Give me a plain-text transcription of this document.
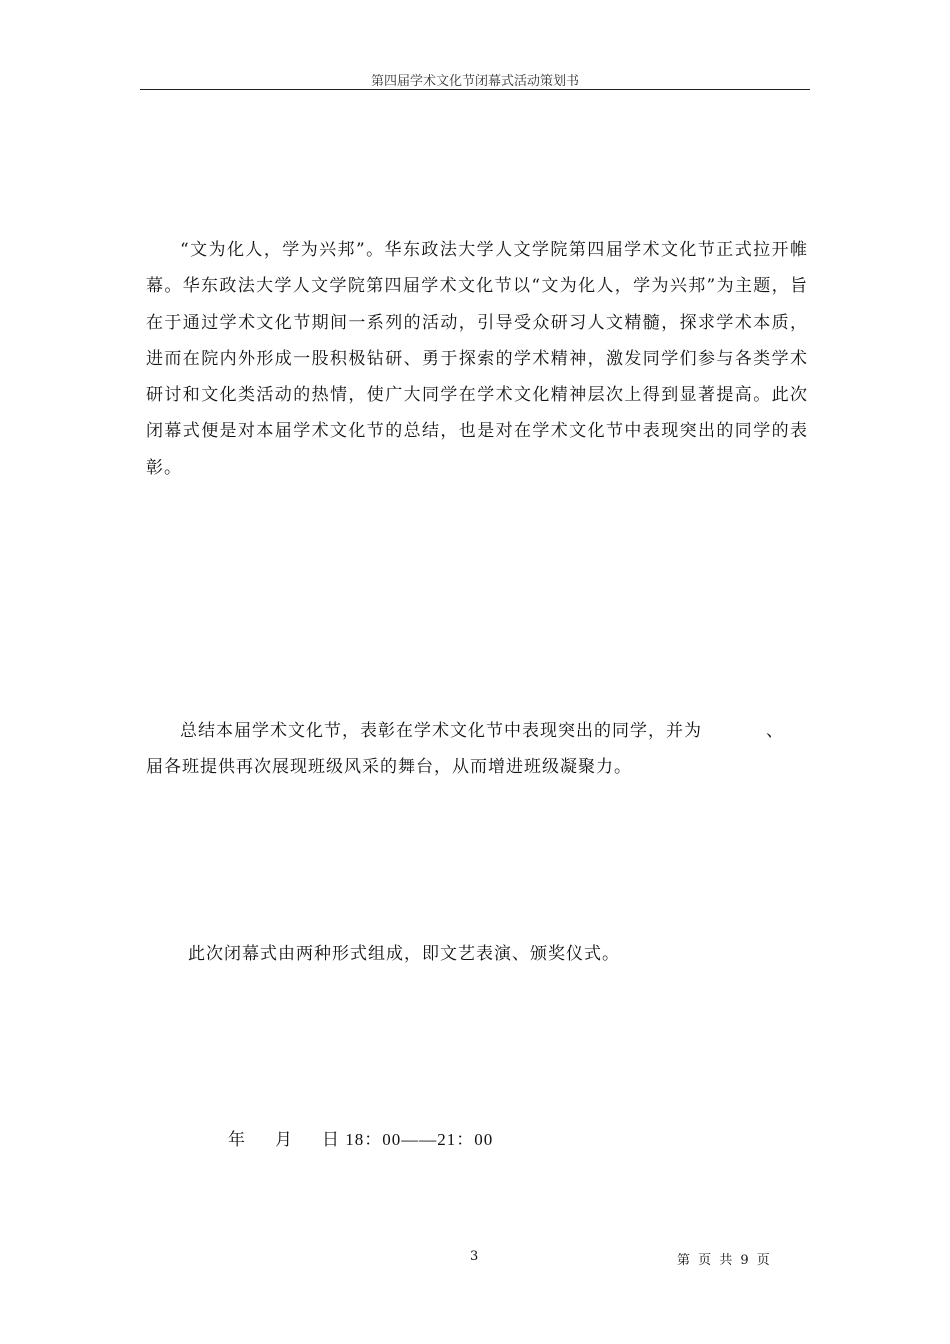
第四届学术文化节闭幕式活动策划书

“文为化人，学为兴邦”。华东政法大学人文学院第四届学术文化节正式拉开帷幕。华东政法大学人文学院第四届学术文化节以“文为化人，学为兴邦”为主题，旨在于通过学术文化节期间一系列的活动，引导受众研习人文精髓，探求学术本质，进而在院内外形成一股积极钻研、勇于探索的学术精神，激发同学们参与各类学术研讨和文化类活动的热情，使广大同学在学术文化精神层次上得到显著提高。此次闭幕式便是对本届学术文化节的总结，也是对在学术文化节中表现突出的同学的表彰。

总结本届学术文化节，表彰在学术文化节中表现突出的同学，并为	、
届各班提供再次展现班级风采的舞台，从而增进班级凝聚力。
此次闭幕式由两种形式组成，即文艺表演、颁奖仪式。
年 月 日 18：00——21：00
3	第 页 共 9 页
